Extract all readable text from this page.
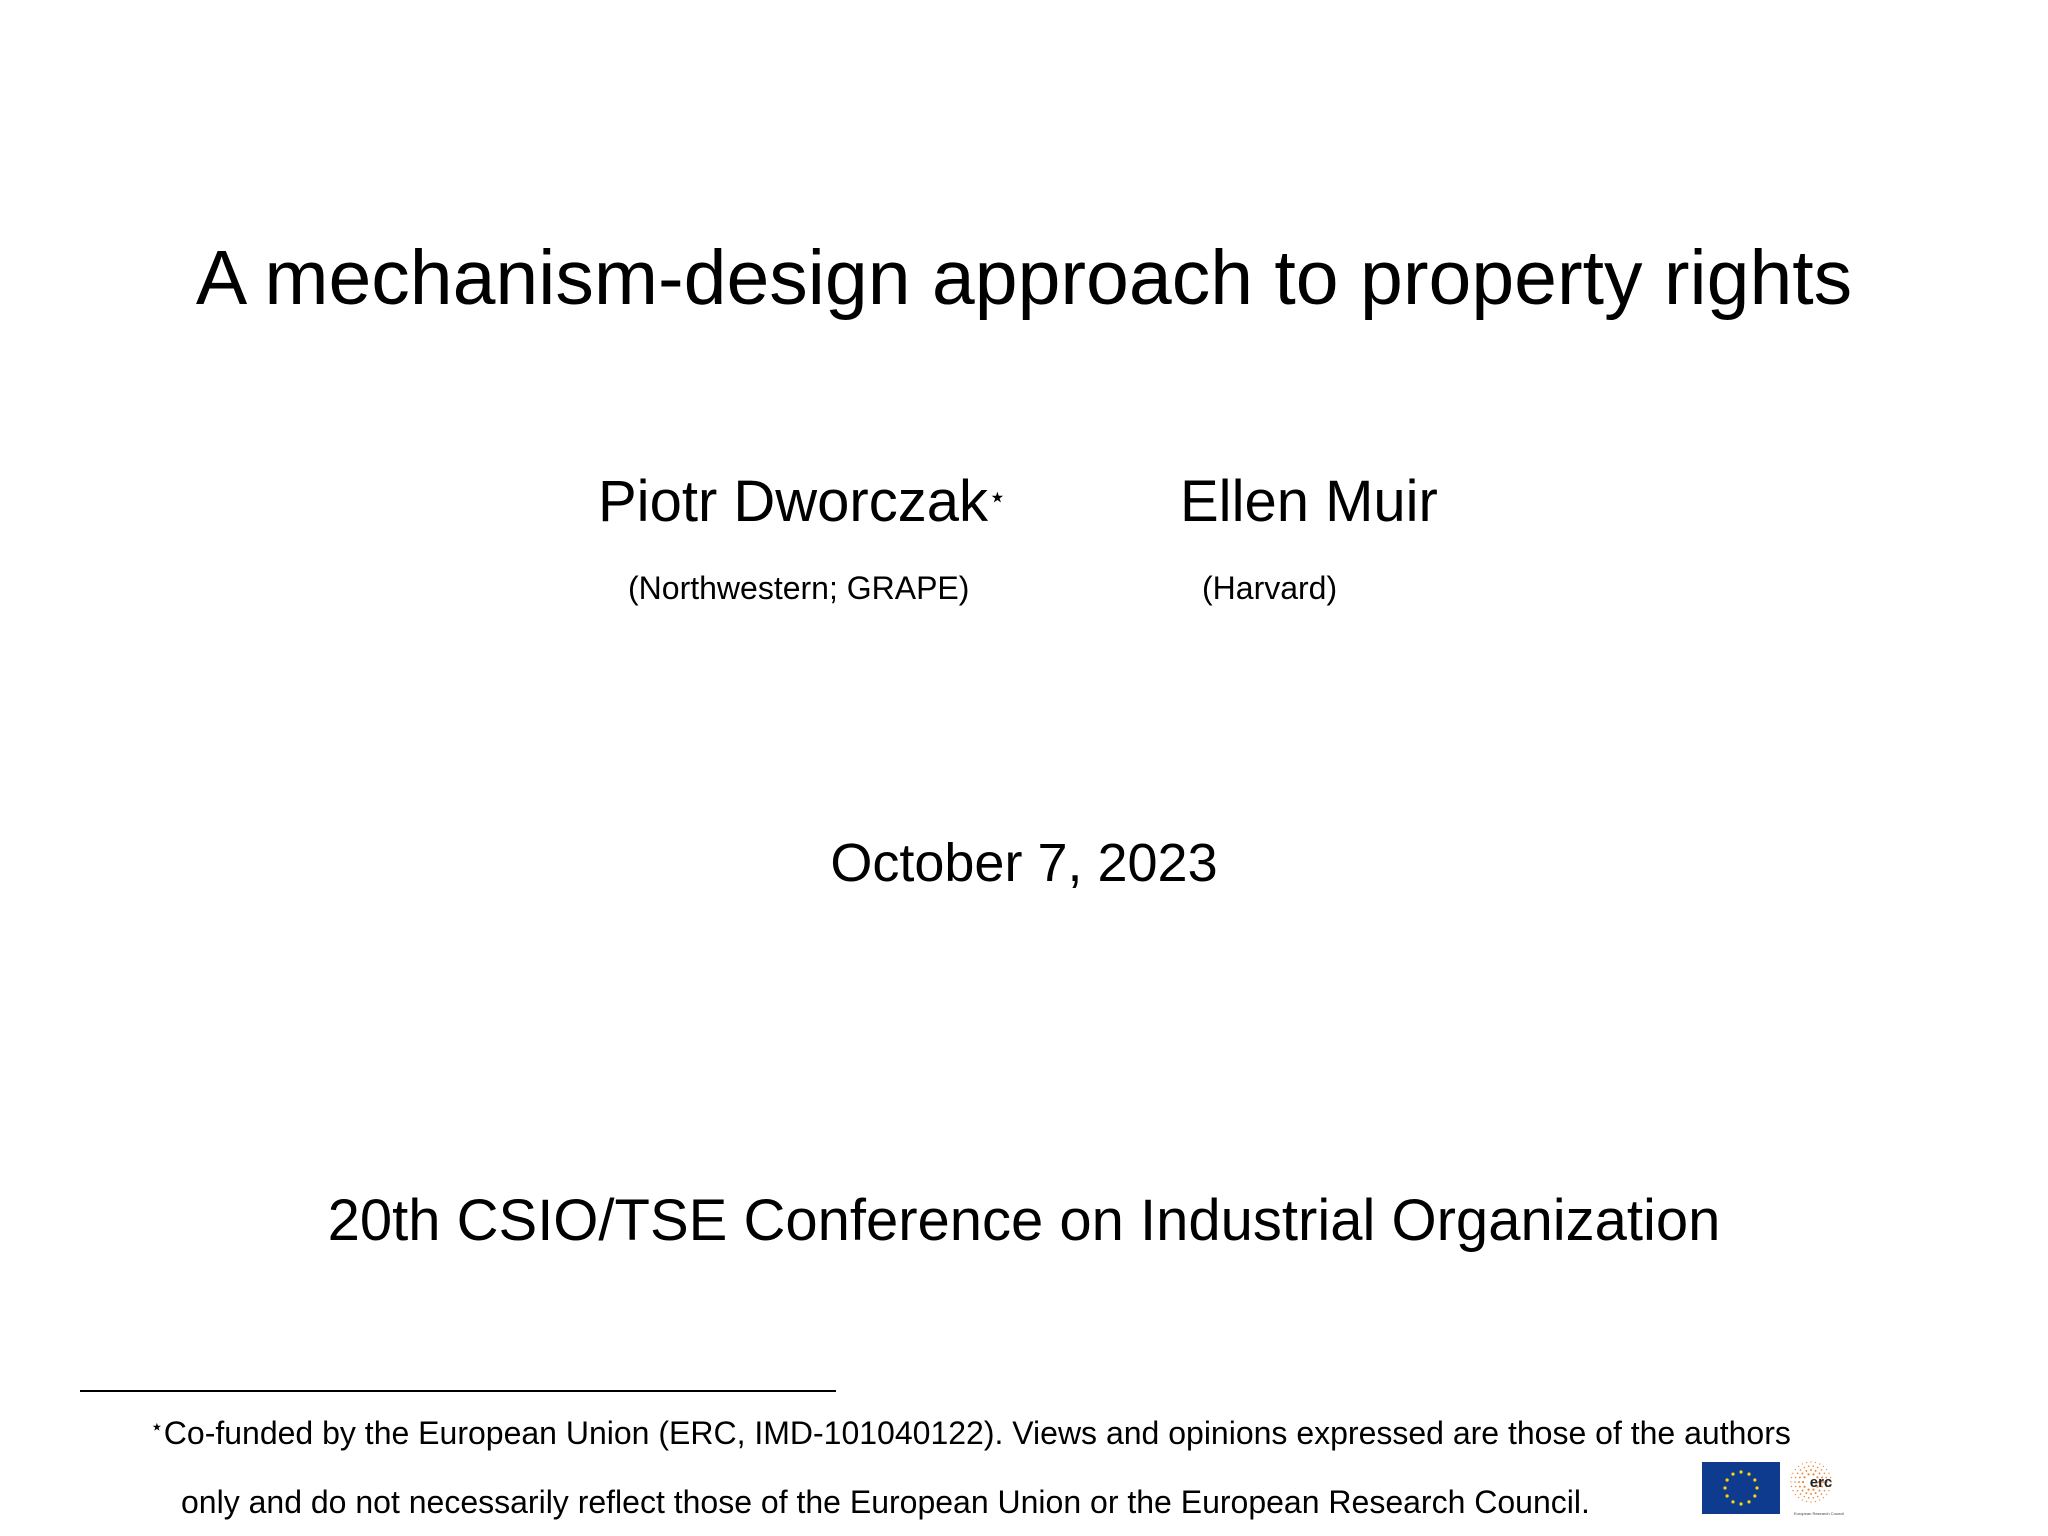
A mechanism-design approach to property rights
Piotr Dworczak⋆
(Northwestern; GRAPE)
Ellen Muir
(Harvard)
October 7, 2023
20th CSIO/TSE Conference on Industrial Organization
⋆Co-funded by the European Union (ERC, IMD-101040122). Views and opinions expressed are those of the authors
only and do not necessarily reflect those of the European Union or the European Research Council.
erc
European Research Council
